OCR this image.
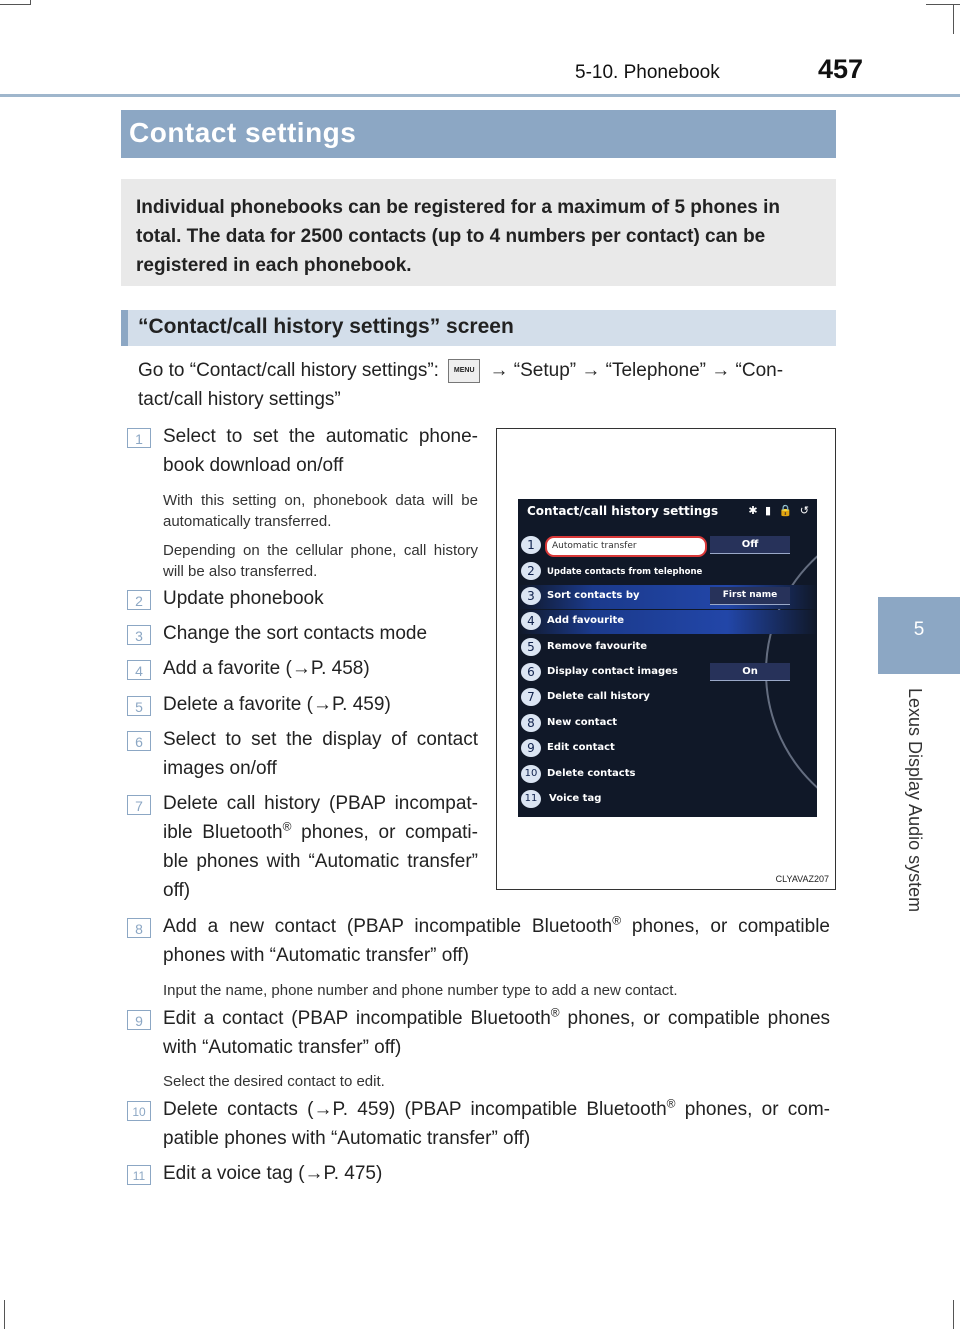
5-10. Phonebook	457
5
Lexus Display Audio system
Contact settings
Individual phonebooks can be registered for a maximum of 5 phones in total. The data for 2500 contacts (up to 4 numbers per contact) can be registered in each phonebook.
“Contact/call history settings” screen
Go to “Contact/call history settings”: MENU → “Setup” → “Telephone” → “Con-tact/call history settings”
Contact/call history settings	✱ ▮ 🔒 ↺
1	Automatic transfer	Off
2	Update contacts from telephone
3	Sort contacts by	First name
4	Add favourite
5	Remove favourite
6	Display contact images	On
7	Delete call history
8	New contact
9	Edit contact
10 Delete contacts
11	Voice tag
CLYAVAZ207
1	Select to set the automatic phone-book download on/off
With this setting on, phonebook data will be automatically transferred.
Depending on the cellular phone, call history will be also transferred.
2	Update phonebook
3	Change the sort contacts mode
4	Add a favorite (→P. 458)
5	Delete a favorite (→P. 459)
6	Select to set the display of contact images on/off
7	Delete call history (PBAP incompat-ible Bluetooth® phones, or compati-ble phones with “Automatic transfer” off)
8	Add a new contact (PBAP incompatible Bluetooth® phones, or compatible phones with “Automatic transfer” off)
Input the name, phone number and phone number type to add a new contact.
9	Edit a contact (PBAP incompatible Bluetooth® phones, or compatible phones with “Automatic transfer” off)
Select the desired contact to edit.
10 Delete contacts (→P. 459) (PBAP incompatible Bluetooth® phones, or com-patible phones with “Automatic transfer” off)
11 Edit a voice tag (→P. 475)
